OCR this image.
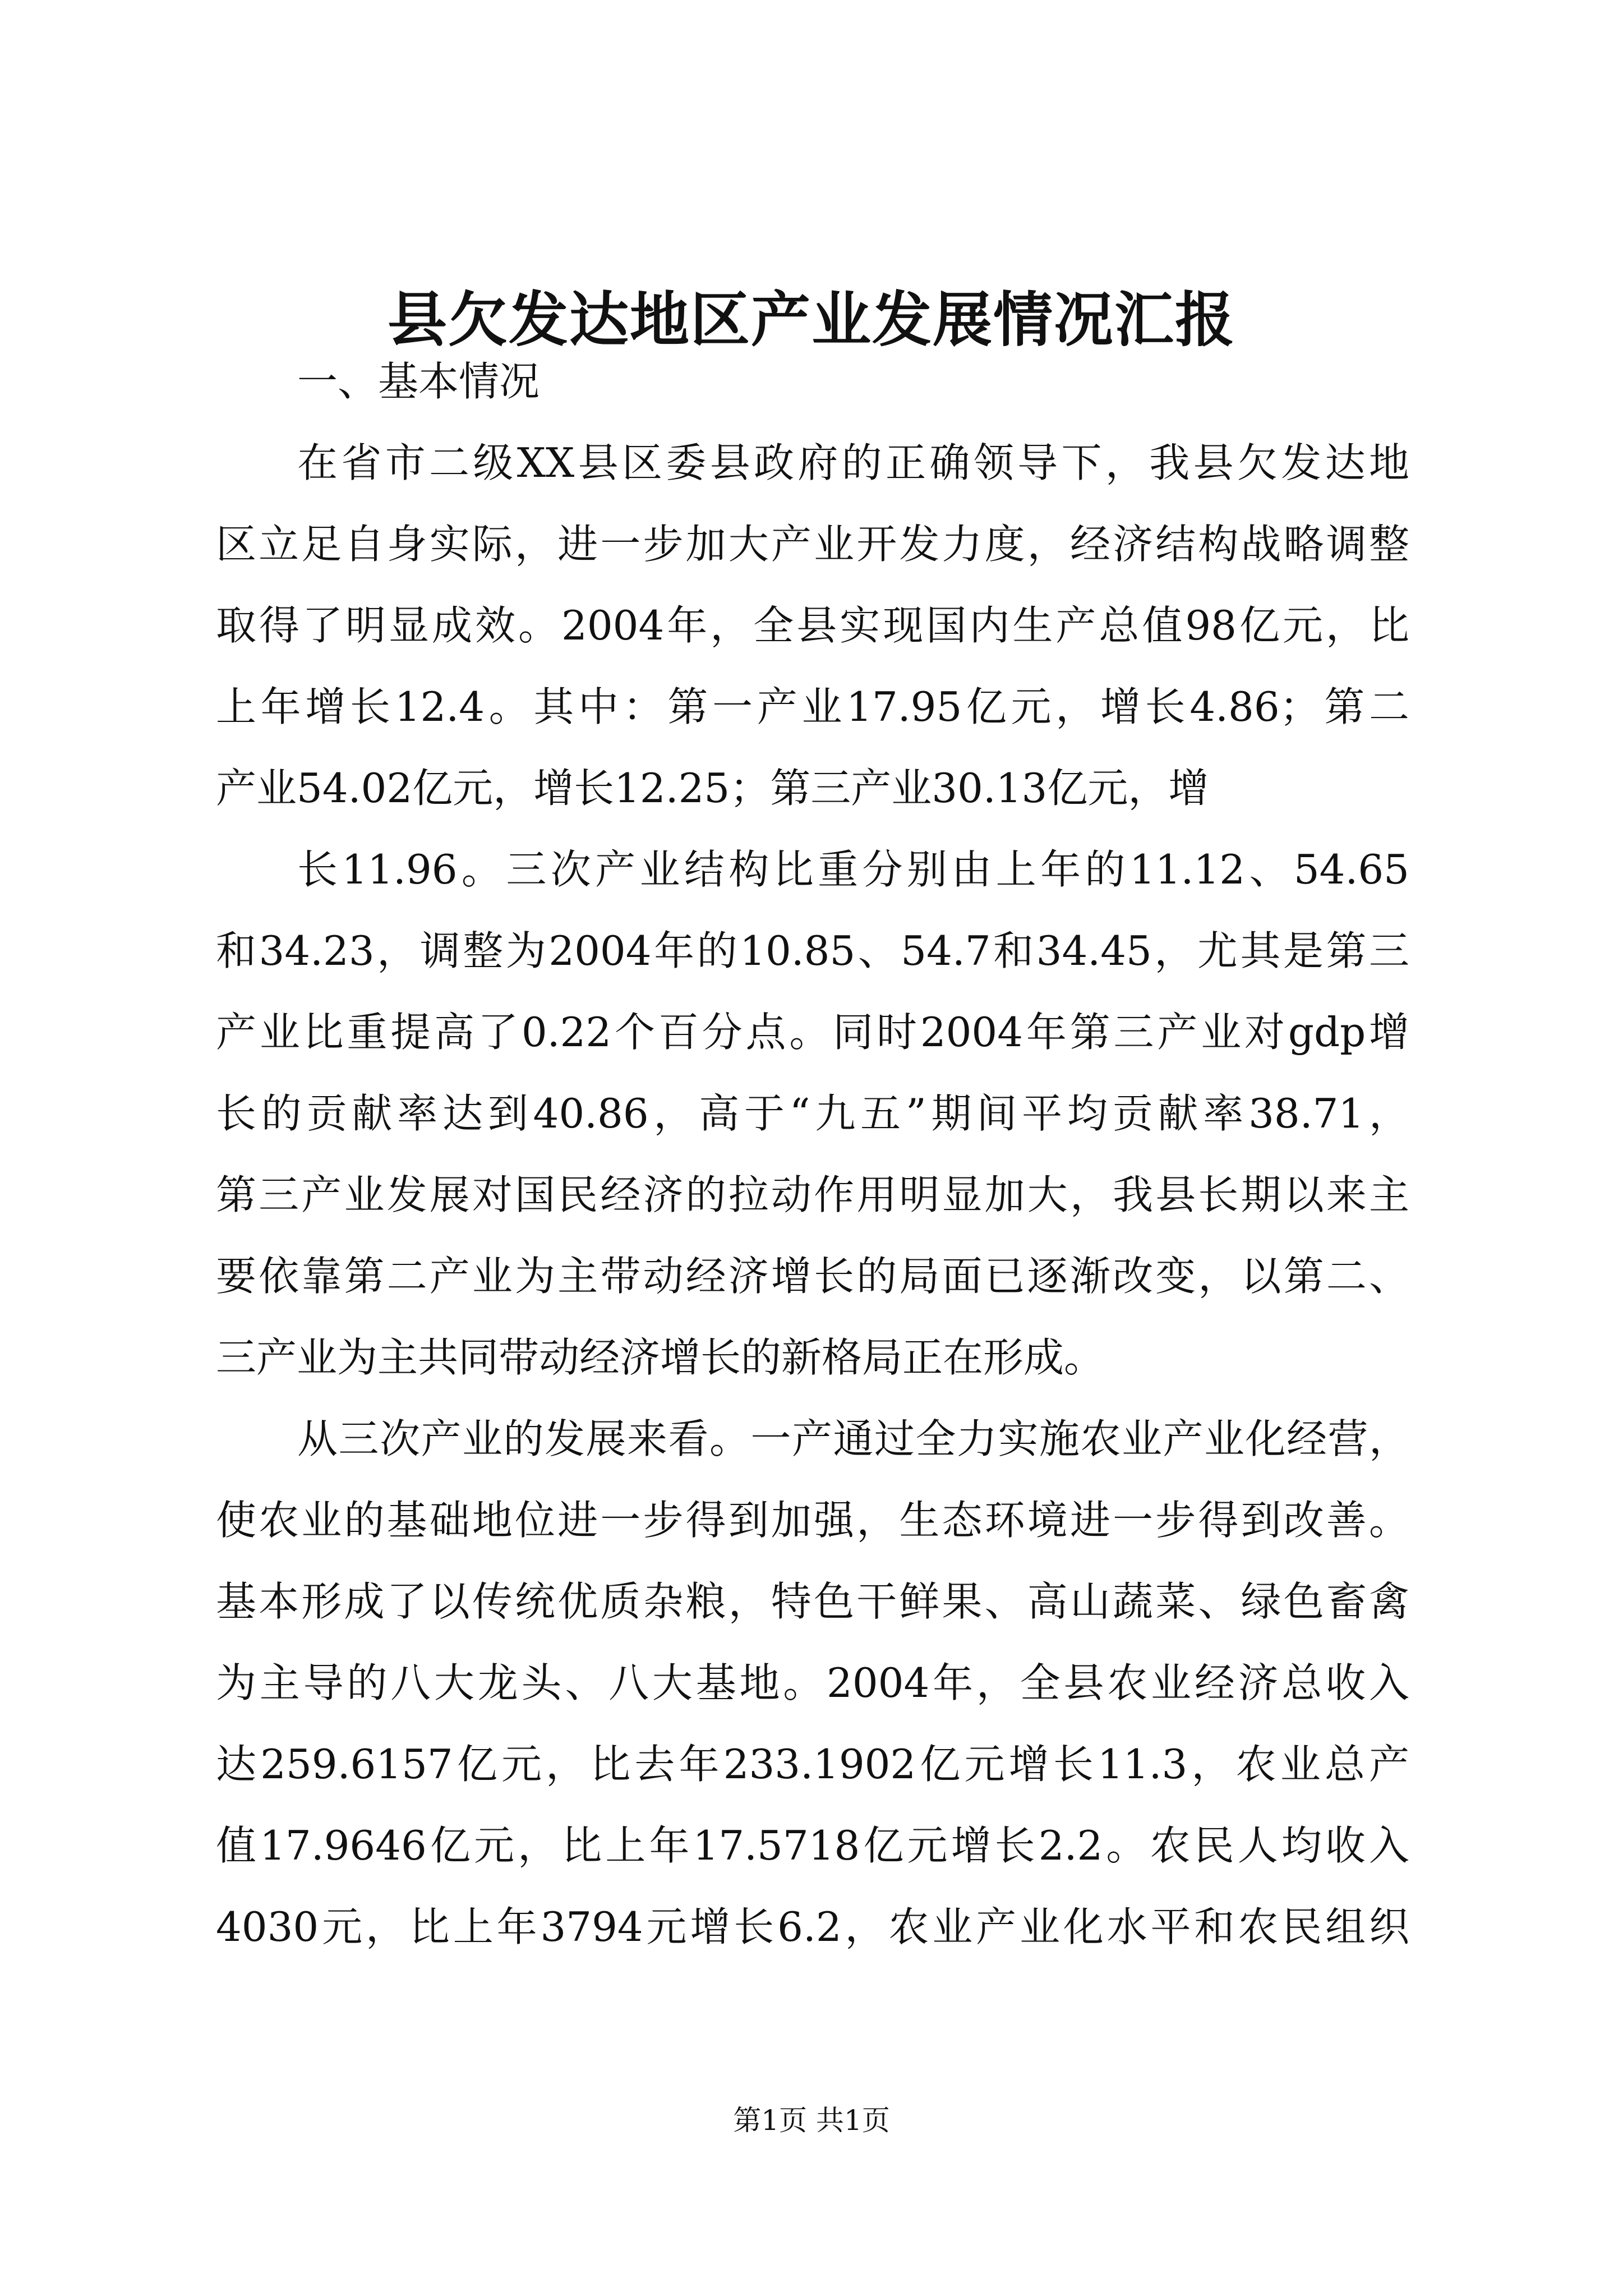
县欠发达地区产业发展情况汇报
一、基本情况
在省市二级XX县区委县政府的正确领导下，我县欠发达地
区立足自身实际，进一步加大产业开发力度，经济结构战略调整
取得了明显成效。2004年，全县实现国内生产总值98亿元，比
上年增长12.4。其中：第一产业17.95亿元，增长4.86；第二
产业54.02亿元，增长12.25；第三产业30.13亿元，增
长11.96。三次产业结构比重分别由上年的11.12、54.65
和34.23，调整为2004年的10.85、54.7和34.45，尤其是第三
产业比重提高了0.22个百分点。同时2004年第三产业对gdp增
长的贡献率达到40.86，高于“九五”期间平均贡献率38.71，
第三产业发展对国民经济的拉动作用明显加大，我县长期以来主
要依靠第二产业为主带动经济增长的局面已逐渐改变，以第二、
三产业为主共同带动经济增长的新格局正在形成。
从三次产业的发展来看。一产通过全力实施农业产业化经营，
使农业的基础地位进一步得到加强，生态环境进一步得到改善。
基本形成了以传统优质杂粮，特色干鲜果、高山蔬菜、绿色畜禽
为主导的八大龙头、八大基地。2004年，全县农业经济总收入
达259.6157亿元，比去年233.1902亿元增长11.3，农业总产
值17.9646亿元，比上年17.5718亿元增长2.2。农民人均收入
4030元，比上年3794元增长6.2，农业产业化水平和农民组织
第1页 共1页
